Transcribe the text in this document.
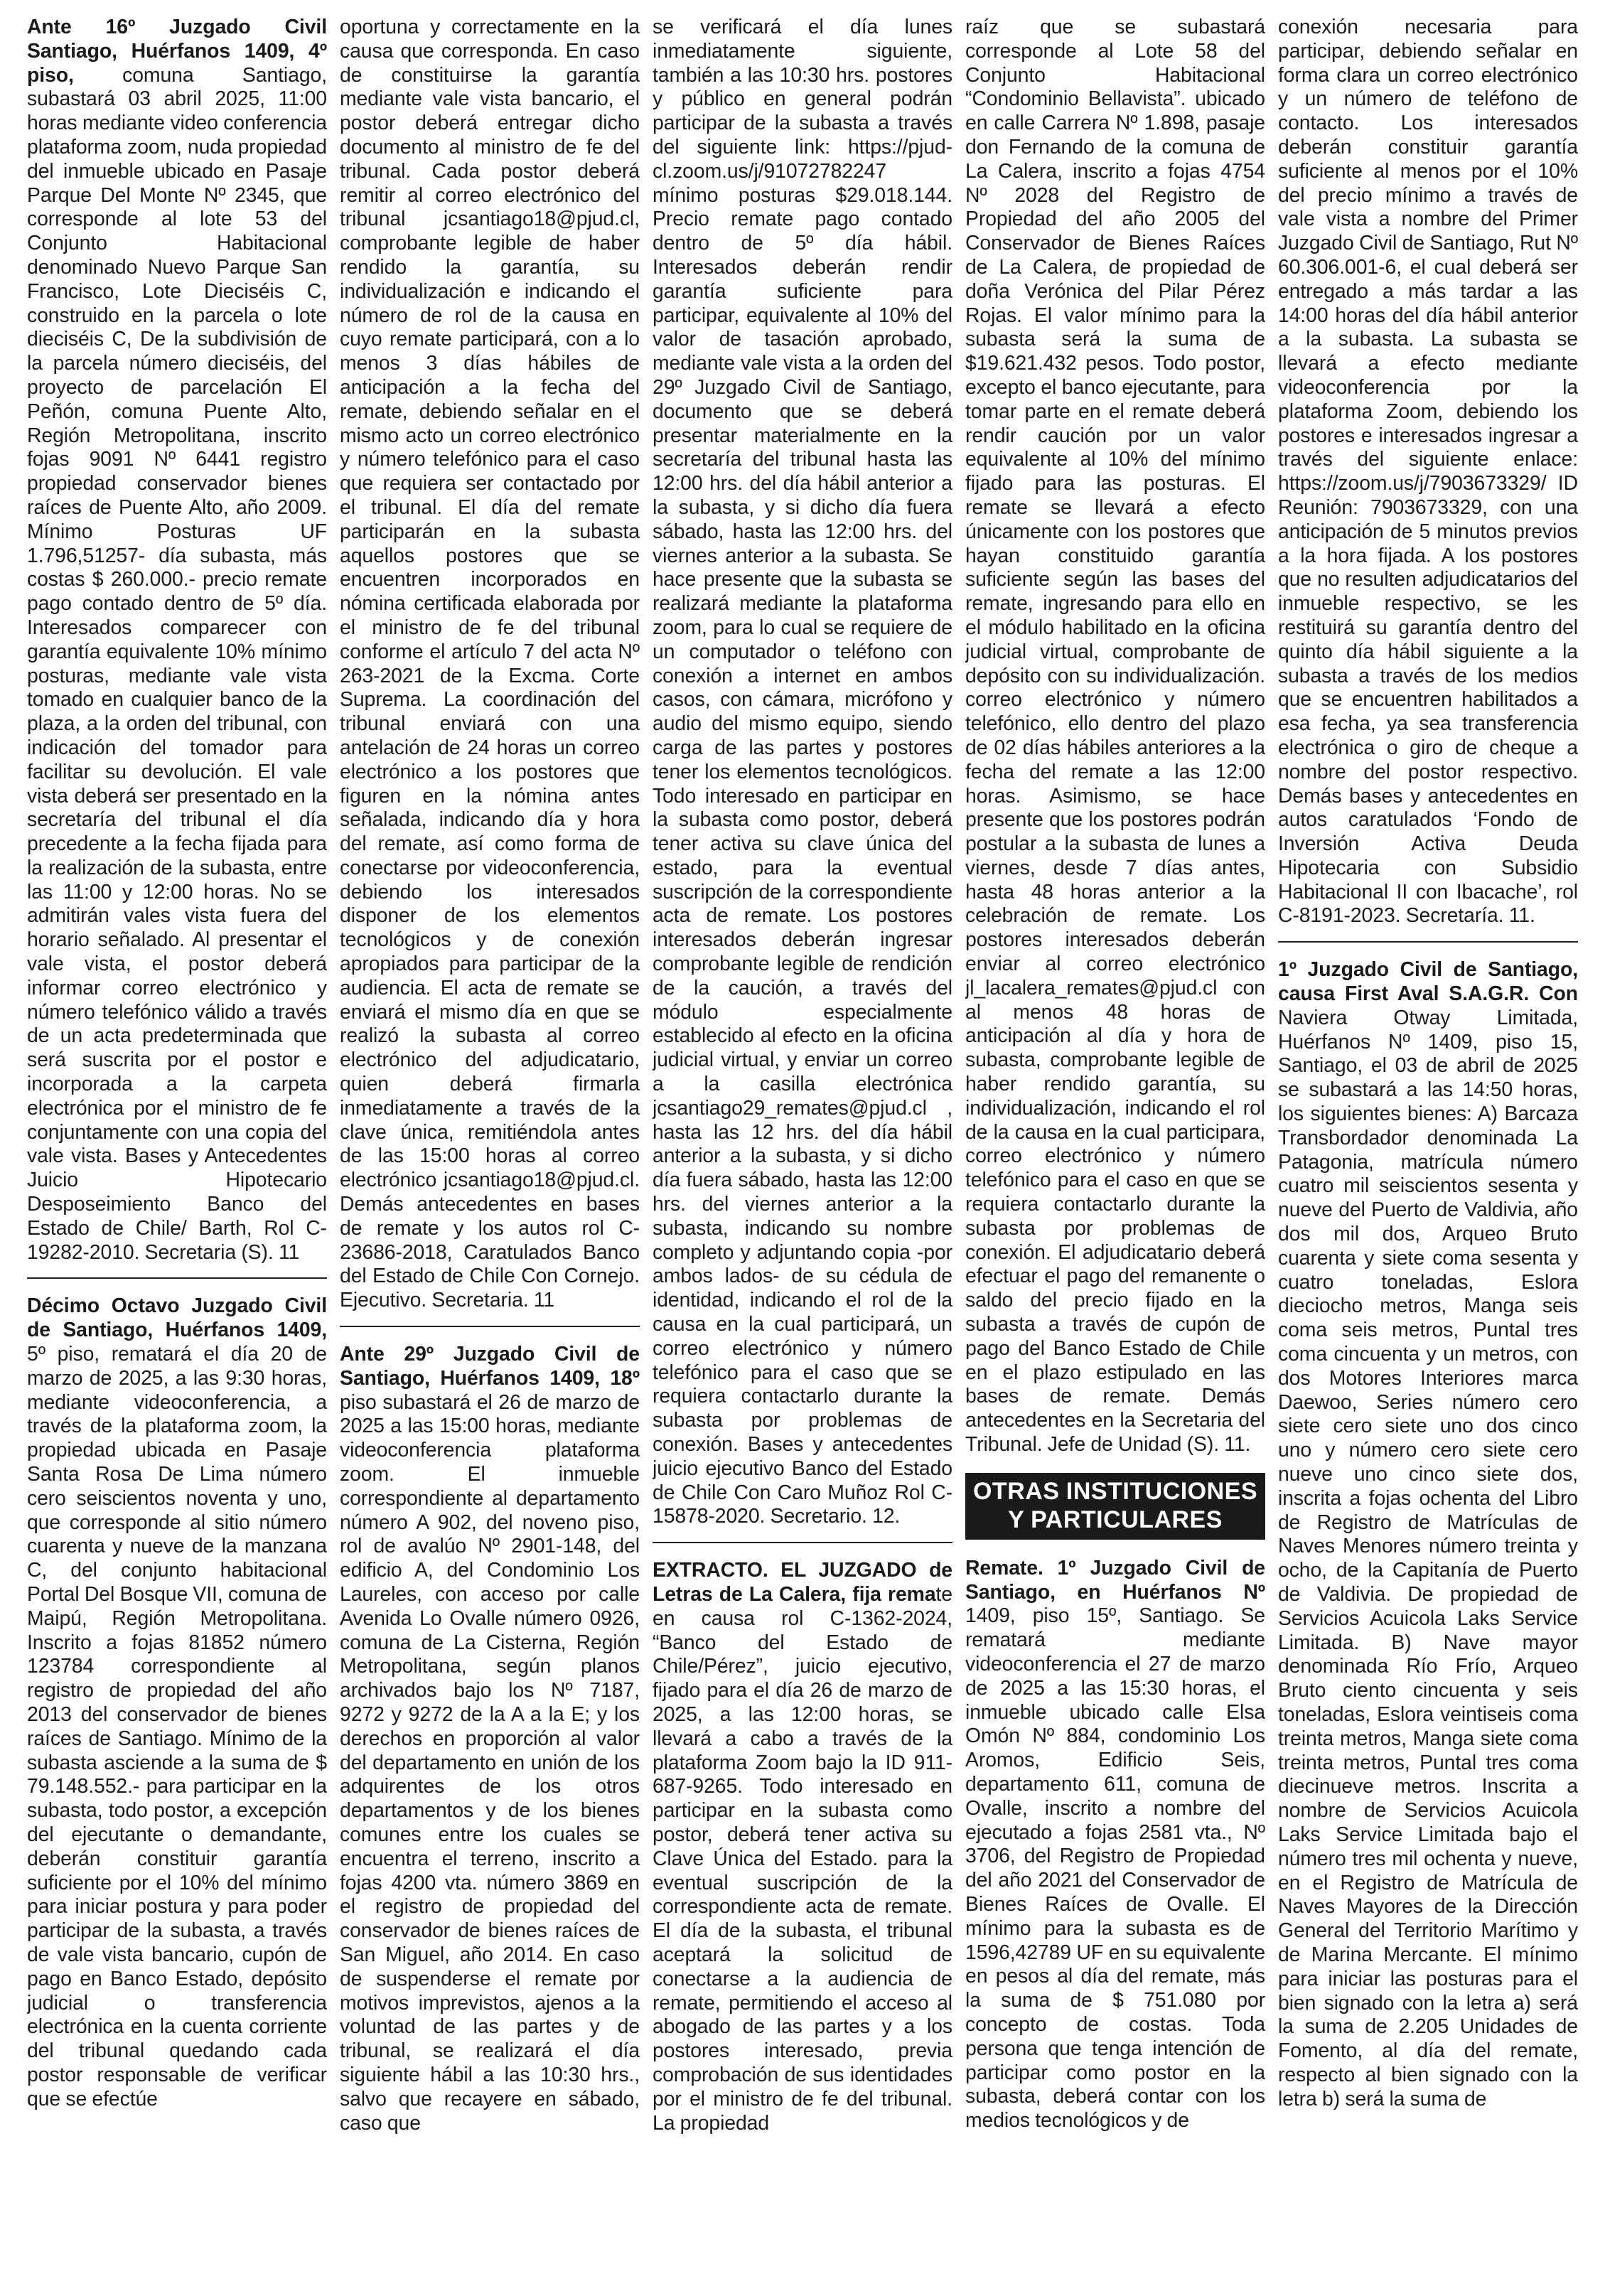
Ante 16º Juzgado Civil Santiago, Huérfanos 1409, 4º piso, comuna Santiago, subastará 03 abril 2025, 11:00 horas mediante video conferencia plataforma zoom, nuda propiedad del inmueble ubicado en Pasaje Parque Del Monte Nº 2345, que corresponde al lote 53 del Conjunto Habitacional denominado Nuevo Parque San Francisco, Lote Dieciséis C, construido en la parcela o lote dieciséis C, De la subdivisión de la parcela número dieciséis, del proyecto de parcelación El Peñón, comuna Puente Alto, Región Metropolitana, inscrito fojas 9091 Nº 6441 registro propiedad conservador bienes raíces de Puente Alto, año 2009. Mínimo Posturas UF 1.796,51257- día subasta, más costas $ 260.000.- precio remate pago contado dentro de 5º día. Interesados comparecer con garantía equivalente 10% mínimo posturas, mediante vale vista tomado en cualquier banco de la plaza, a la orden del tribunal, con indicación del tomador para facilitar su devolución. El vale vista deberá ser presentado en la secretaría del tribunal el día precedente a la fecha fijada para la realización de la subasta, entre las 11:00 y 12:00 horas. No se admitirán vales vista fuera del horario señalado. Al presentar el vale vista, el postor deberá informar correo electrónico y número telefónico válido a través de un acta predeterminada que será suscrita por el postor e incorporada a la carpeta electrónica por el ministro de fe conjuntamente con una copia del vale vista. Bases y Antecedentes Juicio Hipotecario Desposeimiento Banco del Estado de Chile/ Barth, Rol C-19282-2010. Secretaria (S). 11

Décimo Octavo Juzgado Civil de Santiago, Huérfanos 1409, 5º piso, rematará el día 20 de marzo de 2025, a las 9:30 horas, mediante videoconferencia, a través de la plataforma zoom, la propiedad ubicada en Pasaje Santa Rosa De Lima número cero seiscientos noventa y uno, que corresponde al sitio número cuarenta y nueve de la manzana C, del conjunto habitacional Portal Del Bosque VII, comuna de Maipú, Región Metropolitana. Inscrito a fojas 81852 número 123784 correspondiente al registro de propiedad del año 2013 del conservador de bienes raíces de Santiago. Mínimo de la subasta asciende a la suma de $ 79.148.552.- para participar en la subasta, todo postor, a excepción del ejecutante o demandante, deberán constituir garantía suficiente por el 10% del mínimo para iniciar postura y para poder participar de la subasta, a través de vale vista bancario, cupón de pago en Banco Estado, depósito judicial o transferencia electrónica en la cuenta corriente del tribunal quedando cada postor responsable de verificar que se efectúe

oportuna y correctamente en la causa que corresponda. En caso de constituirse la garantía mediante vale vista bancario, el postor deberá entregar dicho documento al ministro de fe del tribunal. Cada postor deberá remitir al correo electrónico del tribunal jcsantiago18@pjud.cl, comprobante legible de haber rendido la garantía, su individualización e indicando el número de rol de la causa en cuyo remate participará, con a lo menos 3 días hábiles de anticipación a la fecha del remate, debiendo señalar en el mismo acto un correo electrónico y número telefónico para el caso que requiera ser contactado por el tribunal. El día del remate participarán en la subasta aquellos postores que se encuentren incorporados en nómina certificada elaborada por el ministro de fe del tribunal conforme el artículo 7 del acta Nº 263-2021 de la Excma. Corte Suprema. La coordinación del tribunal enviará con una antelación de 24 horas un correo electrónico a los postores que figuren en la nómina antes señalada, indicando día y hora del remate, así como forma de conectarse por videoconferencia, debiendo los interesados disponer de los elementos tecnológicos y de conexión apropiados para participar de la audiencia. El acta de remate se enviará el mismo día en que se realizó la subasta al correo electrónico del adjudicatario, quien deberá firmarla inmediatamente a través de la clave única, remitiéndola antes de las 15:00 horas al correo electrónico jcsantiago18@pjud.cl. Demás antecedentes en bases de remate y los autos rol C-23686-2018, Caratulados Banco del Estado de Chile Con Cornejo. Ejecutivo. Secretaria. 11

Ante 29º Juzgado Civil de Santiago, Huérfanos 1409, 18º piso subastará el 26 de marzo de 2025 a las 15:00 horas, mediante videoconferencia plataforma zoom. El inmueble correspondiente al departamento número A 902, del noveno piso, rol de avalúo Nº 2901-148, del edificio A, del Condominio Los Laureles, con acceso por calle Avenida Lo Ovalle número 0926, comuna de La Cisterna, Región Metropolitana, según planos archivados bajo los Nº 7187, 9272 y 9272 de la A a la E; y los derechos en proporción al valor del departamento en unión de los adquirentes de los otros departamentos y de los bienes comunes entre los cuales se encuentra el terreno, inscrito a fojas 4200 vta. número 3869 en el registro de propiedad del conservador de bienes raíces de San Miguel, año 2014. En caso de suspenderse el remate por motivos imprevistos, ajenos a la voluntad de las partes y de tribunal, se realizará el día siguiente hábil a las 10:30 hrs., salvo que recayere en sábado, caso que

se verificará el día lunes inmediatamente siguiente, también a las 10:30 hrs. postores y público en general podrán participar de la subasta a través del siguiente link: https://pjud-cl.zoom.us/j/91072782247 mínimo posturas $29.018.144. Precio remate pago contado dentro de 5º día hábil. Interesados deberán rendir garantía suficiente para participar, equivalente al 10% del valor de tasación aprobado, mediante vale vista a la orden del 29º Juzgado Civil de Santiago, documento que se deberá presentar materialmente en la secretaría del tribunal hasta las 12:00 hrs. del día hábil anterior a la subasta, y si dicho día fuera sábado, hasta las 12:00 hrs. del viernes anterior a la subasta. Se hace presente que la subasta se realizará mediante la plataforma zoom, para lo cual se requiere de un computador o teléfono con conexión a internet en ambos casos, con cámara, micrófono y audio del mismo equipo, siendo carga de las partes y postores tener los elementos tecnológicos. Todo interesado en participar en la subasta como postor, deberá tener activa su clave única del estado, para la eventual suscripción de la correspondiente acta de remate. Los postores interesados deberán ingresar comprobante legible de rendición de la caución, a través del módulo especialmente establecido al efecto en la oficina judicial virtual, y enviar un correo a la casilla electrónica jcsantiago29_remates@pjud.cl , hasta las 12 hrs. del día hábil anterior a la subasta, y si dicho día fuera sábado, hasta las 12:00 hrs. del viernes anterior a la subasta, indicando su nombre completo y adjuntando copia -por ambos lados- de su cédula de identidad, indicando el rol de la causa en la cual participará, un correo electrónico y número telefónico para el caso que se requiera contactarlo durante la subasta por problemas de conexión. Bases y antecedentes juicio ejecutivo Banco del Estado de Chile Con Caro Muñoz Rol C-15878-2020. Secretario. 12.

EXTRACTO. EL JUZGADO de Letras de La Calera, fija remate en causa rol C-1362-2024, “Banco del Estado de Chile/Pérez”, juicio ejecutivo, fijado para el día 26 de marzo de 2025, a las 12:00 horas, se llevará a cabo a través de la plataforma Zoom bajo la ID 911-687-9265. Todo interesado en participar en la subasta como postor, deberá tener activa su Clave Única del Estado. para la eventual suscripción de la correspondiente acta de remate. El día de la subasta, el tribunal aceptará la solicitud de conectarse a la audiencia de remate, permitiendo el acceso al abogado de las partes y a los postores interesado, previa comprobación de sus identidades por el ministro de fe del tribunal. La propiedad

raíz que se subastará corresponde al Lote 58 del Conjunto Habitacional “Condominio Bellavista”. ubicado en calle Carrera Nº 1.898, pasaje don Fernando de la comuna de La Calera, inscrito a fojas 4754 Nº 2028 del Registro de Propiedad del año 2005 del Conservador de Bienes Raíces de La Calera, de propiedad de doña Verónica del Pilar Pérez Rojas. El valor mínimo para la subasta será la suma de $19.621.432 pesos. Todo postor, excepto el banco ejecutante, para tomar parte en el remate deberá rendir caución por un valor equivalente al 10% del mínimo fijado para las posturas. El remate se llevará a efecto únicamente con los postores que hayan constituido garantía suficiente según las bases del remate, ingresando para ello en el módulo habilitado en la oficina judicial virtual, comprobante de depósito con su individualización. correo electrónico y número telefónico, ello dentro del plazo de 02 días hábiles anteriores a la fecha del remate a las 12:00 horas. Asimismo, se hace presente que los postores podrán postular a la subasta de lunes a viernes, desde 7 días antes, hasta 48 horas anterior a la celebración de remate. Los postores interesados deberán enviar al correo electrónico jl_lacalera_remates@pjud.cl con al menos 48 horas de anticipación al día y hora de subasta, comprobante legible de haber rendido garantía, su individualización, indicando el rol de la causa en la cual participara, correo electrónico y número telefónico para el caso en que se requiera contactarlo durante la subasta por problemas de conexión. El adjudicatario deberá efectuar el pago del remanente o saldo del precio fijado en la subasta a través de cupón de pago del Banco Estado de Chile en el plazo estipulado en las bases de remate. Demás antecedentes en la Secretaria del Tribunal. Jefe de Unidad (S). 11.

OTRAS INSTITUCIONES Y PARTICULARES

Remate. 1º Juzgado Civil de Santiago, en Huérfanos Nº 1409, piso 15º, Santiago. Se rematará mediante videoconferencia el 27 de marzo de 2025 a las 15:30 horas, el inmueble ubicado calle Elsa Omón Nº 884, condominio Los Aromos, Edificio Seis, departamento 611, comuna de Ovalle, inscrito a nombre del ejecutado a fojas 2581 vta., Nº 3706, del Registro de Propiedad del año 2021 del Conservador de Bienes Raíces de Ovalle. El mínimo para la subasta es de 1596,42789 UF en su equivalente en pesos al día del remate, más la suma de $ 751.080 por concepto de costas. Toda persona que tenga intención de participar como postor en la subasta, deberá contar con los medios tecnológicos y de

conexión necesaria para participar, debiendo señalar en forma clara un correo electrónico y un número de teléfono de contacto. Los interesados deberán constituir garantía suficiente al menos por el 10% del precio mínimo a través de vale vista a nombre del Primer Juzgado Civil de Santiago, Rut Nº 60.306.001-6, el cual deberá ser entregado a más tardar a las 14:00 horas del día hábil anterior a la subasta. La subasta se llevará a efecto mediante videoconferencia por la plataforma Zoom, debiendo los postores e interesados ingresar a través del siguiente enlace: https://zoom.us/j/7903673329/ ID Reunión: 7903673329, con una anticipación de 5 minutos previos a la hora fijada. A los postores que no resulten adjudicatarios del inmueble respectivo, se les restituirá su garantía dentro del quinto día hábil siguiente a la subasta a través de los medios que se encuentren habilitados a esa fecha, ya sea transferencia electrónica o giro de cheque a nombre del postor respectivo. Demás bases y antecedentes en autos caratulados ‘Fondo de Inversión Activa Deuda Hipotecaria con Subsidio Habitacional II con Ibacache’, rol C-8191-2023. Secretaría. 11.

1º Juzgado Civil de Santiago, causa First Aval S.A.G.R. Con Naviera Otway Limitada, Huérfanos Nº 1409, piso 15, Santiago, el 03 de abril de 2025 se subastará a las 14:50 horas, los siguientes bienes: A) Barcaza Transbordador denominada La Patagonia, matrícula número cuatro mil seiscientos sesenta y nueve del Puerto de Valdivia, año dos mil dos, Arqueo Bruto cuarenta y siete coma sesenta y cuatro toneladas, Eslora dieciocho metros, Manga seis coma seis metros, Puntal tres coma cincuenta y un metros, con dos Motores Interiores marca Daewoo, Series número cero siete cero siete uno dos cinco uno y número cero siete cero nueve uno cinco siete dos, inscrita a fojas ochenta del Libro de Registro de Matrículas de Naves Menores número treinta y ocho, de la Capitanía de Puerto de Valdivia. De propiedad de Servicios Acuicola Laks Service Limitada. B) Nave mayor denominada Río Frío, Arqueo Bruto ciento cincuenta y seis toneladas, Eslora veintiseis coma treinta metros, Manga siete coma treinta metros, Puntal tres coma diecinueve metros. Inscrita a nombre de Servicios Acuicola Laks Service Limitada bajo el número tres mil ochenta y nueve, en el Registro de Matrícula de Naves Mayores de la Dirección General del Territorio Marítimo y de Marina Mercante. El mínimo para iniciar las posturas para el bien signado con la letra a) será la suma de 2.205 Unidades de Fomento, al día del remate, respecto al bien signado con la letra b) será la suma de
